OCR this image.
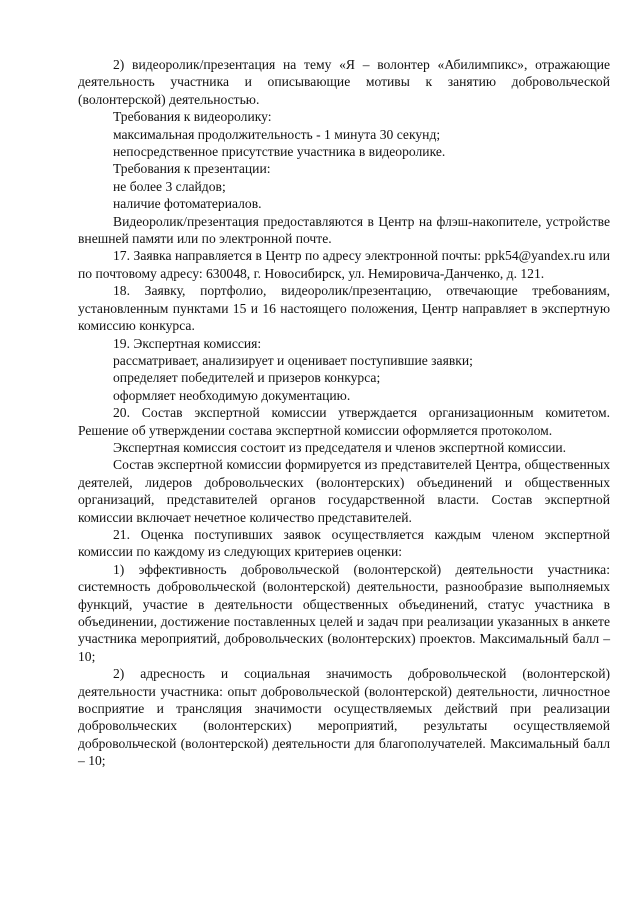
2) видеоролик/презентация на тему «Я – волонтер «Абилимпикс», отражающие деятельность участника и описывающие мотивы к занятию добровольческой (волонтерской) деятельностью.

Требования к видеоролику:

максимальная продолжительность - 1 минута 30 секунд;

непосредственное присутствие участника в видеоролике.

Требования к презентации:

не более 3 слайдов;

наличие фотоматериалов.

Видеоролик/презентация предоставляются в Центр на флэш-накопителе, устройстве внешней памяти или по электронной почте.

17. Заявка направляется в Центр по адресу электронной почты: ppk54@yandex.ru или по почтовому адресу: 630048, г. Новосибирск, ул. Немировича-Данченко, д. 121.

18. Заявку, портфолио, видеоролик/презентацию, отвечающие требованиям, установленным пунктами 15 и 16 настоящего положения, Центр направляет в экспертную комиссию конкурса.

19. Экспертная комиссия:

рассматривает, анализирует и оценивает поступившие заявки;

определяет победителей и призеров конкурса;

оформляет необходимую документацию.

20. Состав экспертной комиссии утверждается организационным комитетом. Решение об утверждении состава экспертной комиссии оформляется протоколом.

Экспертная комиссия состоит из председателя и членов экспертной комиссии.

Состав экспертной комиссии формируется из представителей Центра, общественных деятелей, лидеров добровольческих (волонтерских) объединений и общественных организаций, представителей органов государственной власти. Состав экспертной комиссии включает нечетное количество представителей.

21. Оценка поступивших заявок осуществляется каждым членом экспертной комиссии по каждому из следующих критериев оценки:

1) эффективность добровольческой (волонтерской) деятельности участника: системность добровольческой (волонтерской) деятельности, разнообразие выполняемых функций, участие в деятельности общественных объединений, статус участника в объединении, достижение поставленных целей и задач при реализации указанных в анкете участника мероприятий, добровольческих (волонтерских) проектов. Максимальный балл – 10;

2) адресность и социальная значимость добровольческой (волонтерской) деятельности участника: опыт добровольческой (волонтерской) деятельности, личностное восприятие и трансляция значимости осуществляемых действий при реализации добровольческих (волонтерских) мероприятий, результаты осуществляемой добровольческой (волонтерской) деятельности для благополучателей. Максимальный балл – 10;
